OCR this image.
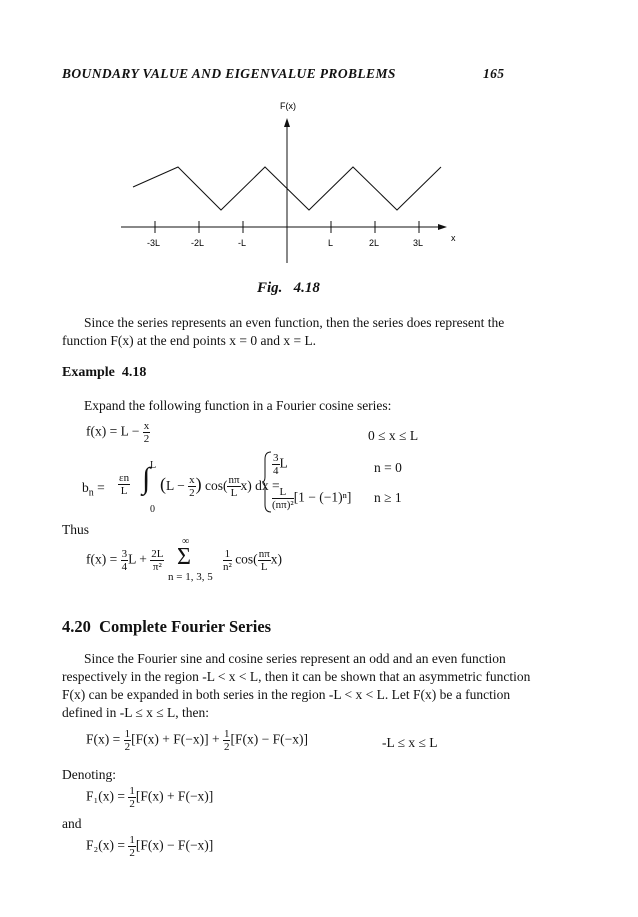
BOUNDARY VALUE AND EIGENVALUE PROBLEMS	165
F(x)
x
-3L	-2L	-L	L	2L	3L
Fig.   4.18
Since the series represents an even function, then the series does represent the
function F(x) at the end points x = 0 and x = L.
Example  4.18
Expand the following function in a Fourier cosine series:
$f(x) = L - \frac{x}{2}$	0 ≤ x ≤ L
$b_n = \frac{\varepsilon n}{L}$
L
∫
0
($L - \frac{x}{2}$ ) $\cos( \frac{n\pi}{L} x)$ dx =
$\frac{3}{4}$ L	n = 0
$\frac{L}{\text{(nπ)²}} [1 - (-1)^n] n \ge 1$
Thus
$f(x) = \frac{3}{4}$ $L + \frac{2L}{\text{π²}}$
∞
Σ
n = 1, 3, 5
$\frac{1}{\text{n²}} \cos( \frac{n\pi}{L} x)$
4.20  Complete Fourier Series
Since the Fourier sine and cosine series represent an odd and an even function
respectively in the region -L < x < L, then it can be shown that an asymmetric function
F(x) can be expanded in both series in the region -L < x < L. Let F(x) be a function
defined in -L ≤ x ≤ L, then:
$F(x) = \frac{1}{2} [F(x) + F(-x)] + \frac{1}{2} [F(x) - F(-x)]$	-L ≤ x ≤ L
Denoting:
$F_1(x) = \frac{1}{2} [F(x) + F(-x)]$
and
$F_2(x) = \frac{1}{2} [F(x) - F(-x)]$
